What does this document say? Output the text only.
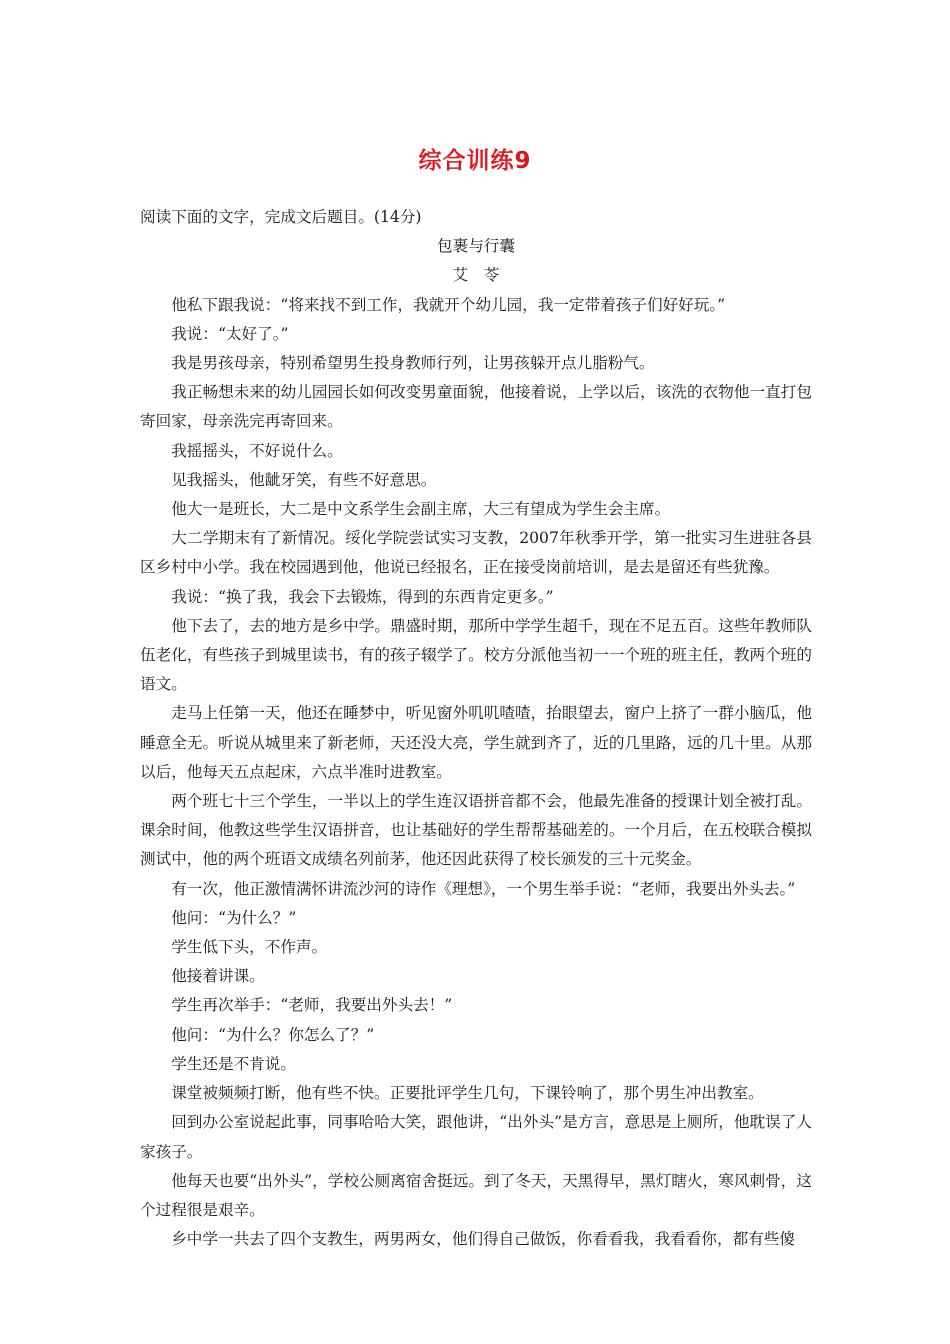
综合训练9

阅读下面的文字，完成文后题目。(14分)

包裹与行囊

艾　苓

他私下跟我说：“将来找不到工作，我就开个幼儿园，我一定带着孩子们好好玩。”

我说：“太好了。”

我是男孩母亲，特别希望男生投身教师行列，让男孩躲开点儿脂粉气。

我正畅想未来的幼儿园园长如何改变男童面貌，他接着说，上学以后，该洗的衣物他一直打包寄回家，母亲洗完再寄回来。

我摇摇头，不好说什么。

见我摇头，他龇牙笑，有些不好意思。

他大一是班长，大二是中文系学生会副主席，大三有望成为学生会主席。

大二学期末有了新情况。绥化学院尝试实习支教，2007年秋季开学，第一批实习生进驻各县区乡村中小学。我在校园遇到他，他说已经报名，正在接受岗前培训，是去是留还有些犹豫。

我说：“换了我，我会下去锻炼，得到的东西肯定更多。”

他下去了，去的地方是乡中学。鼎盛时期，那所中学学生超千，现在不足五百。这些年教师队伍老化，有些孩子到城里读书，有的孩子辍学了。校方分派他当初一一个班的班主任，教两个班的语文。

走马上任第一天，他还在睡梦中，听见窗外叽叽喳喳，抬眼望去，窗户上挤了一群小脑瓜，他睡意全无。听说从城里来了新老师，天还没大亮，学生就到齐了，近的几里路，远的几十里。从那以后，他每天五点起床，六点半准时进教室。

两个班七十三个学生，一半以上的学生连汉语拼音都不会，他最先准备的授课计划全被打乱。课余时间，他教这些学生汉语拼音，也让基础好的学生帮帮基础差的。一个月后，在五校联合模拟测试中，他的两个班语文成绩名列前茅，他还因此获得了校长颁发的三十元奖金。

有一次，他正激情满怀讲流沙河的诗作《理想》，一个男生举手说：“老师，我要出外头去。”

他问：“为什么？”

学生低下头，不作声。

他接着讲课。

学生再次举手：“老师，我要出外头去！”

他问：“为什么？你怎么了？”

学生还是不肯说。

课堂被频频打断，他有些不快。正要批评学生几句，下课铃响了，那个男生冲出教室。

回到办公室说起此事，同事哈哈大笑，跟他讲，“出外头”是方言，意思是上厕所，他耽误了人家孩子。

他每天也要“出外头”，学校公厕离宿舍挺远。到了冬天，天黑得早，黑灯瞎火，寒风刺骨，这个过程很是艰辛。

乡中学一共去了四个支教生，两男两女，他们得自己做饭，你看看我，我看看你，都有些傻
